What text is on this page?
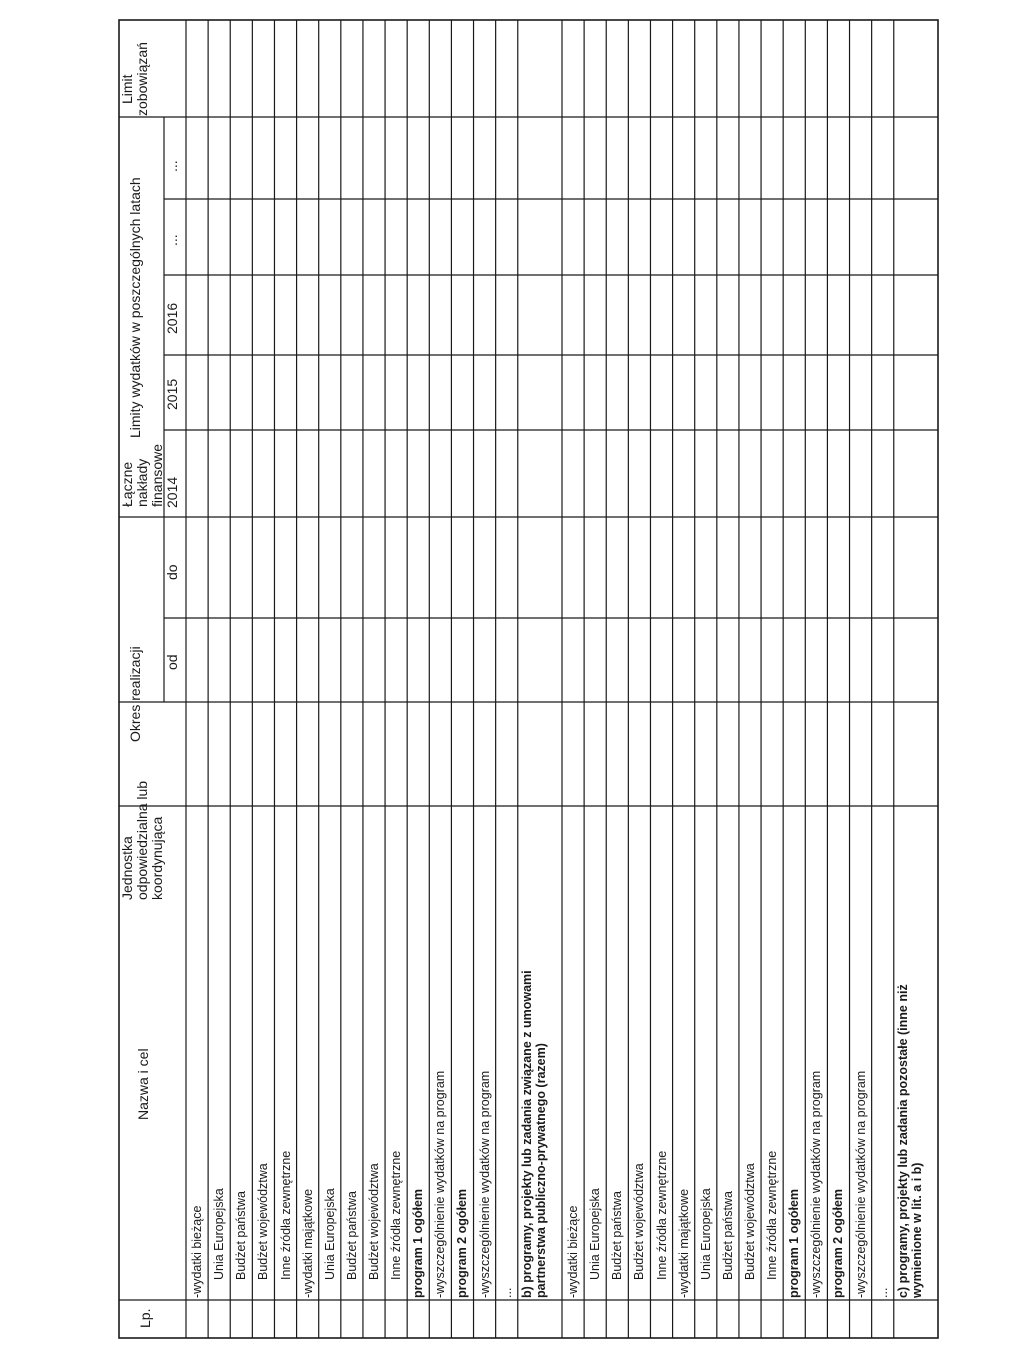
Lp.
Nazwa i cel
Jednostka odpowiedzialna lub koordynująca
Okres realizacji od
do
Łączne nakłady finansowe
Limity wydatków w poszczególnych latach
2014
2015
2016
...
...
Limit zobowiązań
-wydatki bieżące Unia Europejska Budżet państwa Budżet województwa Inne źródła zewnętrzne -wydatki majątkowe Unia Europejska Budżet państwa Budżet województwa Inne źródła zewnętrzne program 1 ogółem -wyszczególnienie wydatków na program program 2 ogółem -wyszczególnienie wydatków na program ... b) programy, projekty lub zadania związane z umowami partnerstwa publiczno-prywatnego (razem) -wydatki bieżące Unia Europejska Budżet państwa Budżet województwa Inne źródła zewnętrzne -wydatki majątkowe Unia Europejska Budżet państwa Budżet województwa Inne źródła zewnętrzne program 1 ogółem -wyszczególnienie wydatków na program program 2 ogółem -wyszczególnienie wydatków na program ... c) programy, projekty lub zadania pozostałe (inne niż wymienione w lit. a i b)
